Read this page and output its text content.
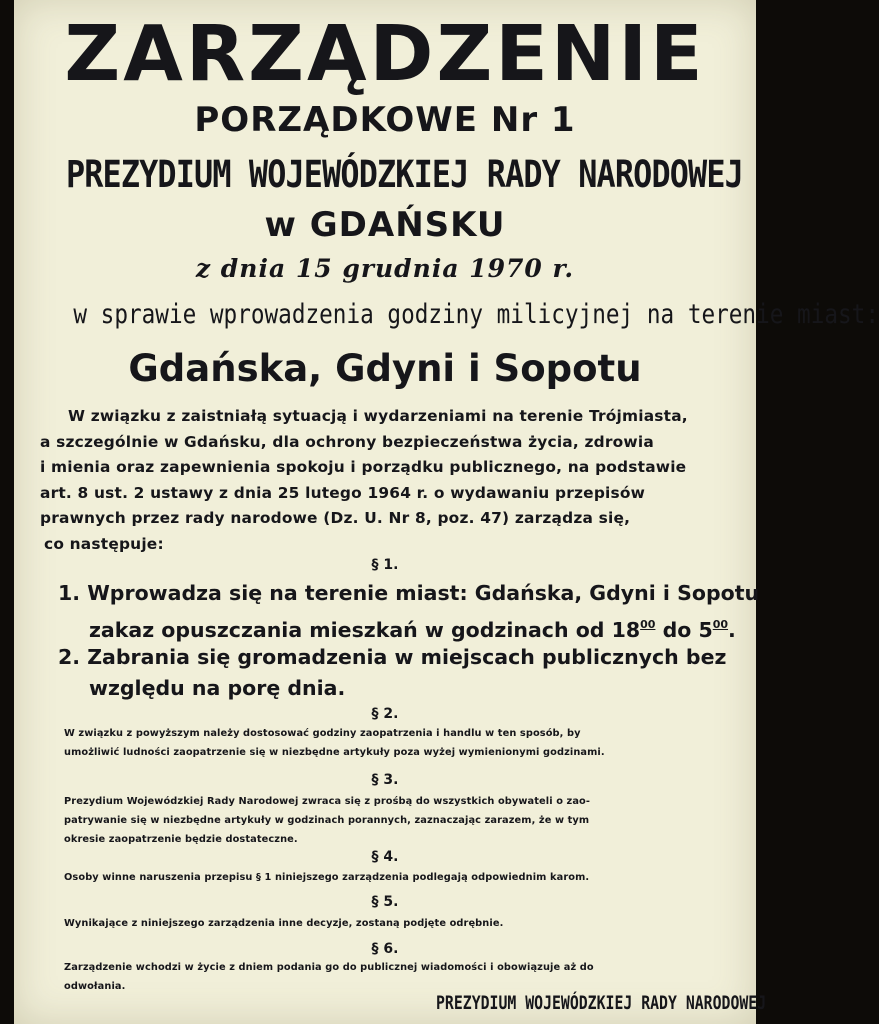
ZARZĄDZENIE
PORZĄDKOWE Nr 1
PREZYDIUM WOJEWÓDZKIEJ RADY NARODOWEJ
w GDAŃSKU
z dnia 15 grudnia 1970 r.
w sprawie wprowadzenia godziny milicyjnej na terenie miast:
Gdańska, Gdyni i Sopotu
W związku z zaistniałą sytuacją i wydarzeniami na terenie Trójmiasta,
a szczególnie w Gdańsku, dla ochrony bezpieczeństwa życia, zdrowia
i mienia oraz zapewnienia spokoju i porządku publicznego, na podstawie
art. 8 ust. 2 ustawy z dnia 25 lutego 1964 r. o wydawaniu przepisów
prawnych przez rady narodowe (Dz. U. Nr 8, poz. 47) zarządza się,
co następuje:
§ 1.
1. Wprowadza się na terenie miast: Gdańska, Gdyni i Sopotu
zakaz opuszczania mieszkań w godzinach od $18^{00}$ do $5^{00}$.
2. Zabrania się gromadzenia w miejscach publicznych bez
względu na porę dnia.
§ 2.
W związku z powyższym należy dostosować godziny zaopatrzenia i handlu w ten sposób, by
umożliwić ludności zaopatrzenie się w niezbędne artykuły poza wyżej wymienionymi godzinami.
§ 3.
Prezydium Wojewódzkiej Rady Narodowej zwraca się z prośbą do wszystkich obywateli o zao-
patrywanie się w niezbędne artykuły w godzinach porannych, zaznaczając zarazem, że w tym
okresie zaopatrzenie będzie dostateczne.
§ 4.
Osoby winne naruszenia przepisu § 1 niniejszego zarządzenia podlegają odpowiednim karom.
§ 5.
Wynikające z niniejszego zarządzenia inne decyzje, zostaną podjęte odrębnie.
§ 6.
Zarządzenie wchodzi w życie z dniem podania go do publicznej wiadomości i obowiązuje aż do
odwołania.
PREZYDIUM WOJEWÓDZKIEJ RADY NARODOWEJ
